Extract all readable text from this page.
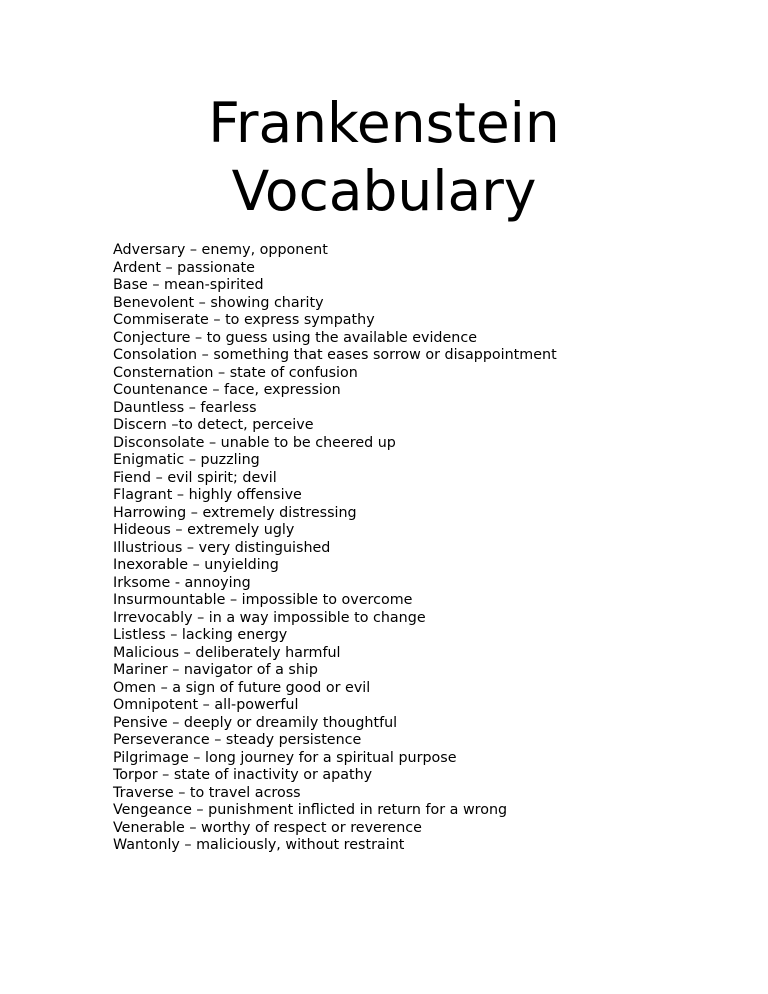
Frankenstein
Vocabulary
Adversary – enemy, opponent
Ardent – passionate
Base – mean-spirited
Benevolent – showing charity
Commiserate – to express sympathy
Conjecture – to guess using the available evidence
Consolation – something that eases sorrow or disappointment
Consternation – state of confusion
Countenance – face, expression
Dauntless – fearless
Discern –to detect, perceive
Disconsolate – unable to be cheered up
Enigmatic – puzzling
Fiend – evil spirit; devil
Flagrant – highly offensive
Harrowing – extremely distressing
Hideous – extremely ugly
Illustrious – very distinguished
Inexorable – unyielding
Irksome - annoying
Insurmountable – impossible to overcome
Irrevocably – in a way impossible to change
Listless – lacking energy
Malicious – deliberately harmful
Mariner – navigator of a ship
Omen – a sign of future good or evil
Omnipotent – all-powerful
Pensive – deeply or dreamily thoughtful
Perseverance – steady persistence
Pilgrimage – long journey for a spiritual purpose
Torpor – state of inactivity or apathy
Traverse – to travel across
Vengeance – punishment inflicted in return for a wrong
Venerable – worthy of respect or reverence
Wantonly – maliciously, without restraint
